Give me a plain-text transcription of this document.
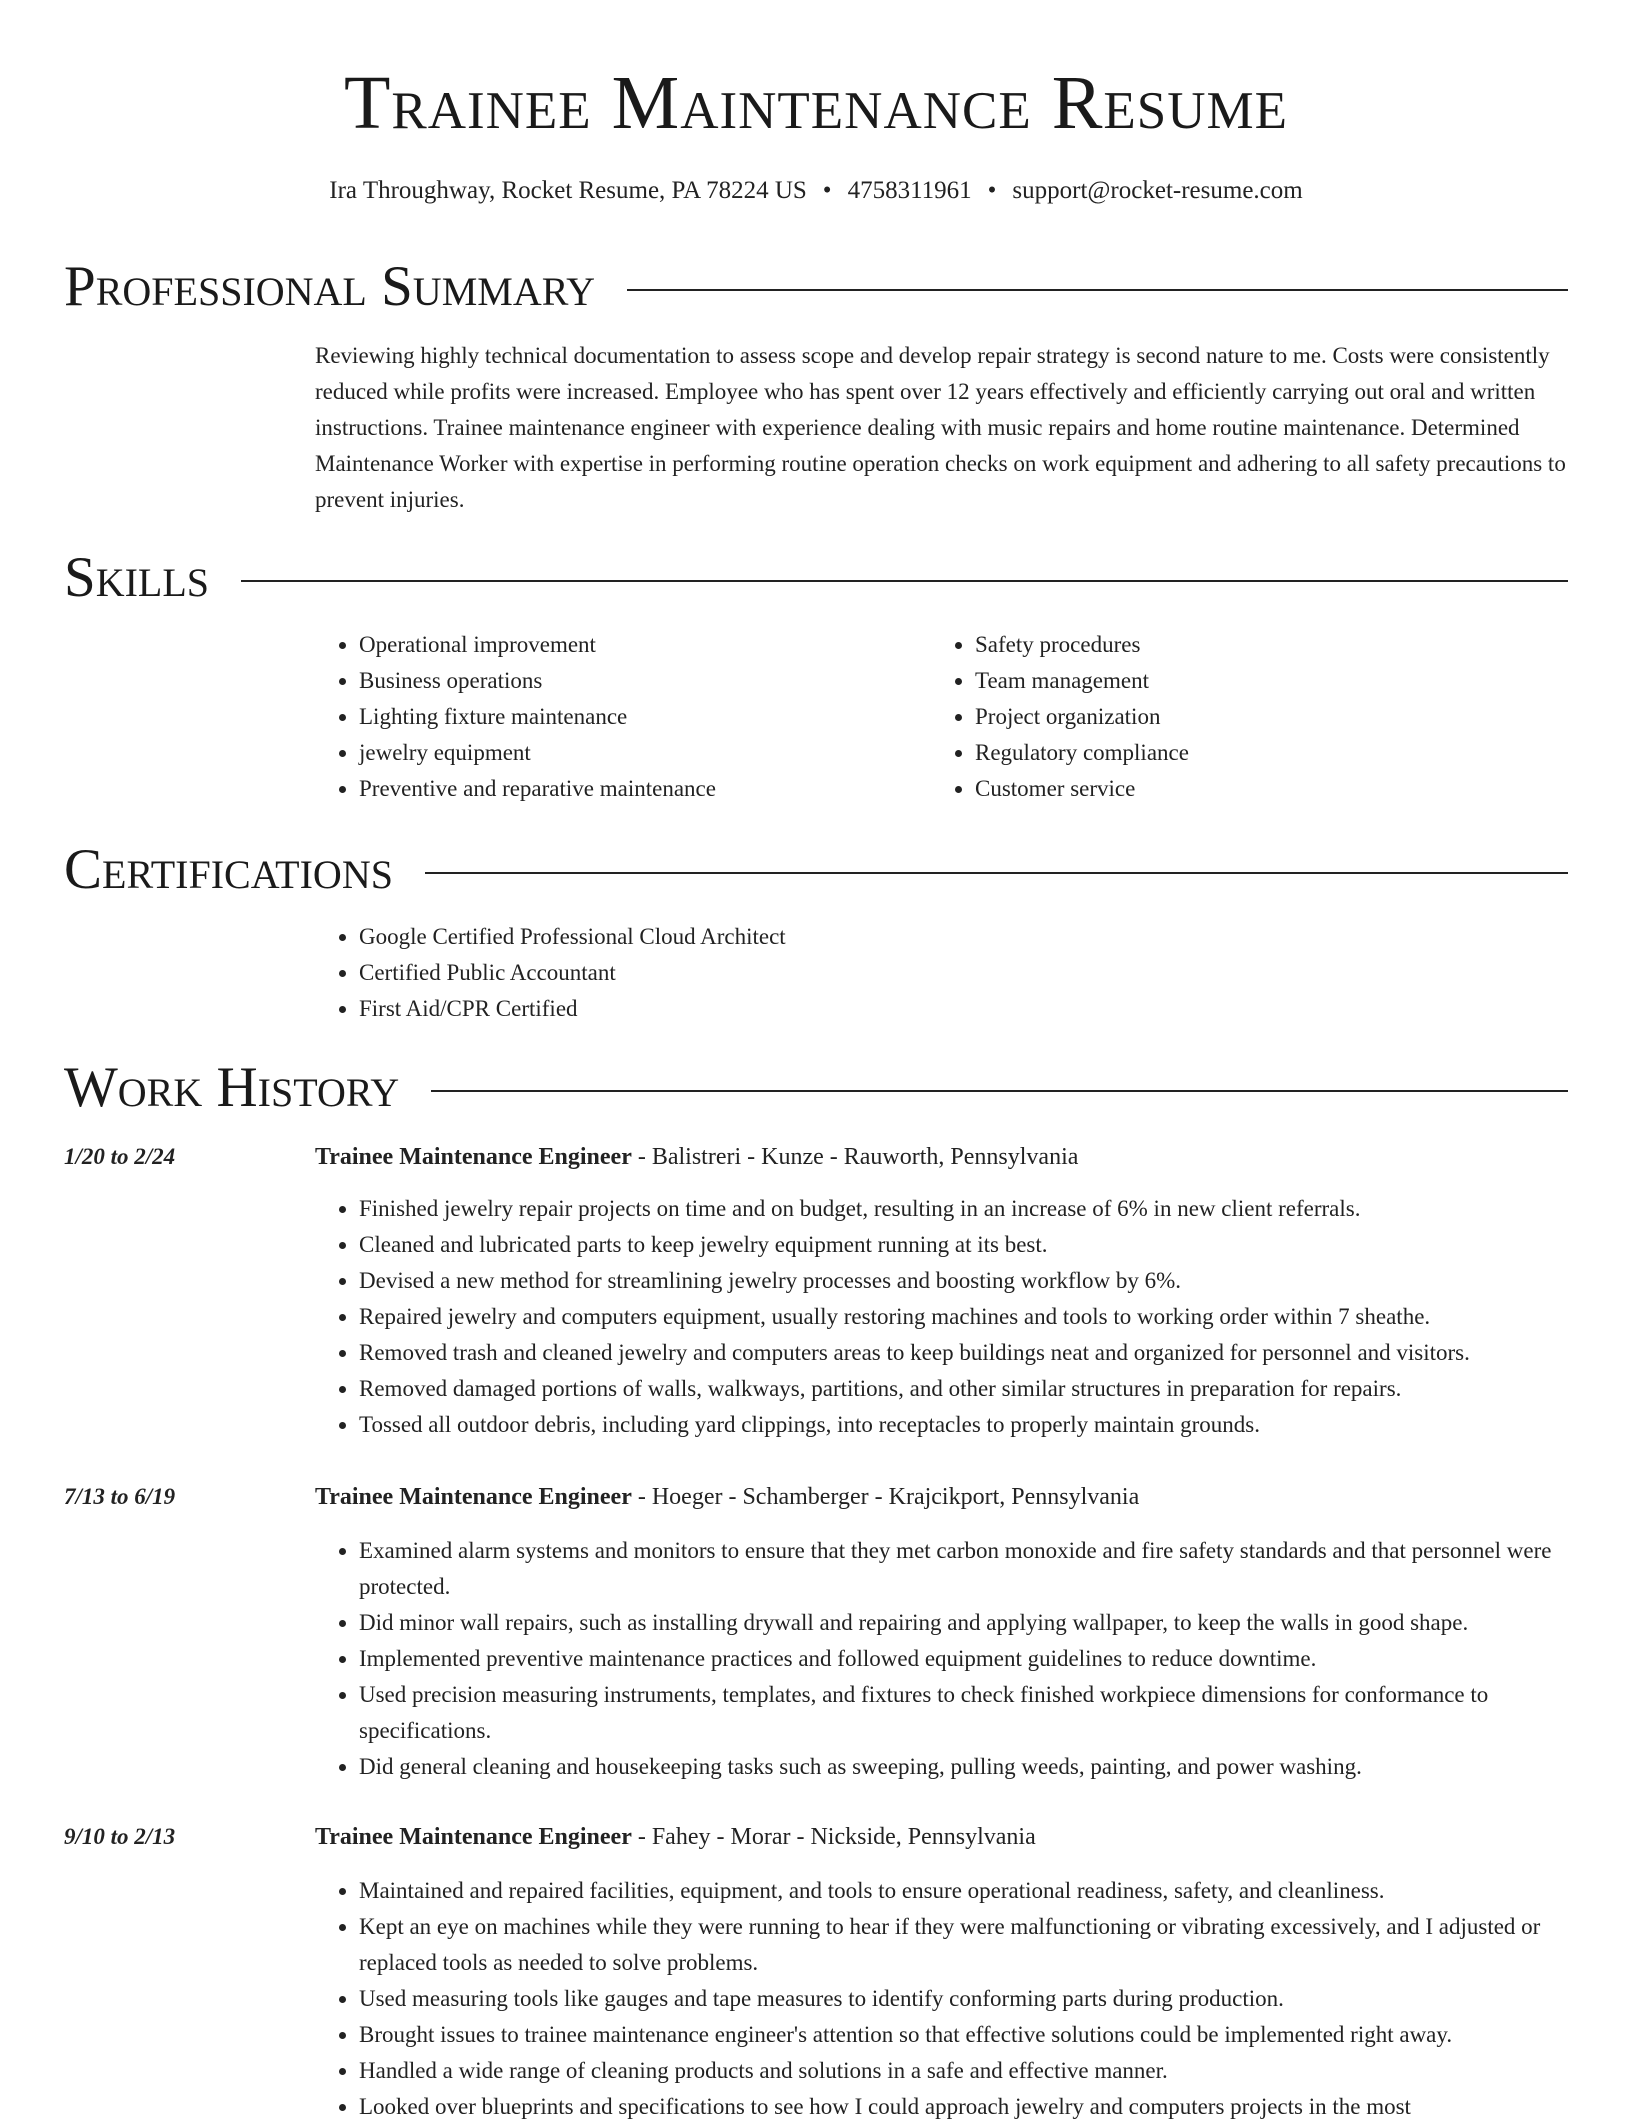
Trainee Maintenance Resume
Ira Throughway, Rocket Resume, PA 78224 US • 4758311961 • support@rocket-resume.com
Professional Summary

Reviewing highly technical documentation to assess scope and develop repair strategy is second nature to me. Costs were consistently reduced while profits were increased. Employee who has spent over 12 years effectively and efficiently carrying out oral and written instructions. Trainee maintenance engineer with experience dealing with music repairs and home routine maintenance. Determined Maintenance Worker with expertise in performing routine operation checks on work equipment and adhering to all safety precautions to prevent injuries.

Skills
• Operational improvement
• Business operations
• Lighting fixture maintenance
• jewelry equipment
• Preventive and reparative maintenance
• Safety procedures
• Team management
• Project organization
• Regulatory compliance
• Customer service
Certifications
• Google Certified Professional Cloud Architect
• Certified Public Accountant
• First Aid/CPR Certified
Work History
1/20 to 2/24	Trainee Maintenance Engineer - Balistreri - Kunze - Rauworth, Pennsylvania
• Finished jewelry repair projects on time and on budget, resulting in an increase of 6% in new client referrals.
• Cleaned and lubricated parts to keep jewelry equipment running at its best.
• Devised a new method for streamlining jewelry processes and boosting workflow by 6%.
• Repaired jewelry and computers equipment, usually restoring machines and tools to working order within 7 sheathe.
• Removed trash and cleaned jewelry and computers areas to keep buildings neat and organized for personnel and visitors.
• Removed damaged portions of walls, walkways, partitions, and other similar structures in preparation for repairs.
• Tossed all outdoor debris, including yard clippings, into receptacles to properly maintain grounds.
7/13 to 6/19	Trainee Maintenance Engineer - Hoeger - Schamberger - Krajcikport, Pennsylvania
• Examined alarm systems and monitors to ensure that they met carbon monoxide and fire safety standards and that personnel were protected.
• Did minor wall repairs, such as installing drywall and repairing and applying wallpaper, to keep the walls in good shape.
• Implemented preventive maintenance practices and followed equipment guidelines to reduce downtime.
• Used precision measuring instruments, templates, and fixtures to check finished workpiece dimensions for conformance to specifications.
• Did general cleaning and housekeeping tasks such as sweeping, pulling weeds, painting, and power washing.
9/10 to 2/13	Trainee Maintenance Engineer - Fahey - Morar - Nickside, Pennsylvania
• Maintained and repaired facilities, equipment, and tools to ensure operational readiness, safety, and cleanliness.
• Kept an eye on machines while they were running to hear if they were malfunctioning or vibrating excessively, and I adjusted or replaced tools as needed to solve problems.
• Used measuring tools like gauges and tape measures to identify conforming parts during production.
• Brought issues to trainee maintenance engineer's attention so that effective solutions could be implemented right away.
• Handled a wide range of cleaning products and solutions in a safe and effective manner.
• Looked over blueprints and specifications to see how I could approach jewelry and computers projects in the most
